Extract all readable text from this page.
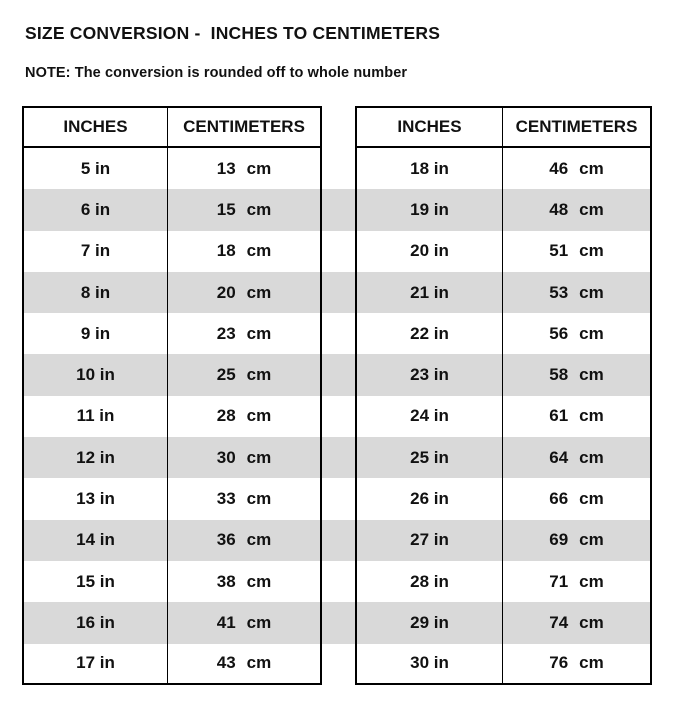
SIZE CONVERSION -  INCHES TO CENTIMETERS
NOTE: The conversion is rounded off to whole number
INCHES	CENTIMETERS	INCHES	CENTIMETERS
5 in	13 cm	18 in	46 cm
6 in	15 cm	19 in	48 cm
7 in	18 cm	20 in	51 cm
8 in	20 cm	21 in	53 cm
9 in	23 cm	22 in	56 cm
10 in	25 cm	23 in	58 cm
11 in	28 cm	24 in	61 cm
12 in	30 cm	25 in	64 cm
13 in	33 cm	26 in	66 cm
14 in	36 cm	27 in	69 cm
15 in	38 cm	28 in	71 cm
16 in	41 cm	29 in	74 cm
17 in	43 cm	30 in	76 cm
